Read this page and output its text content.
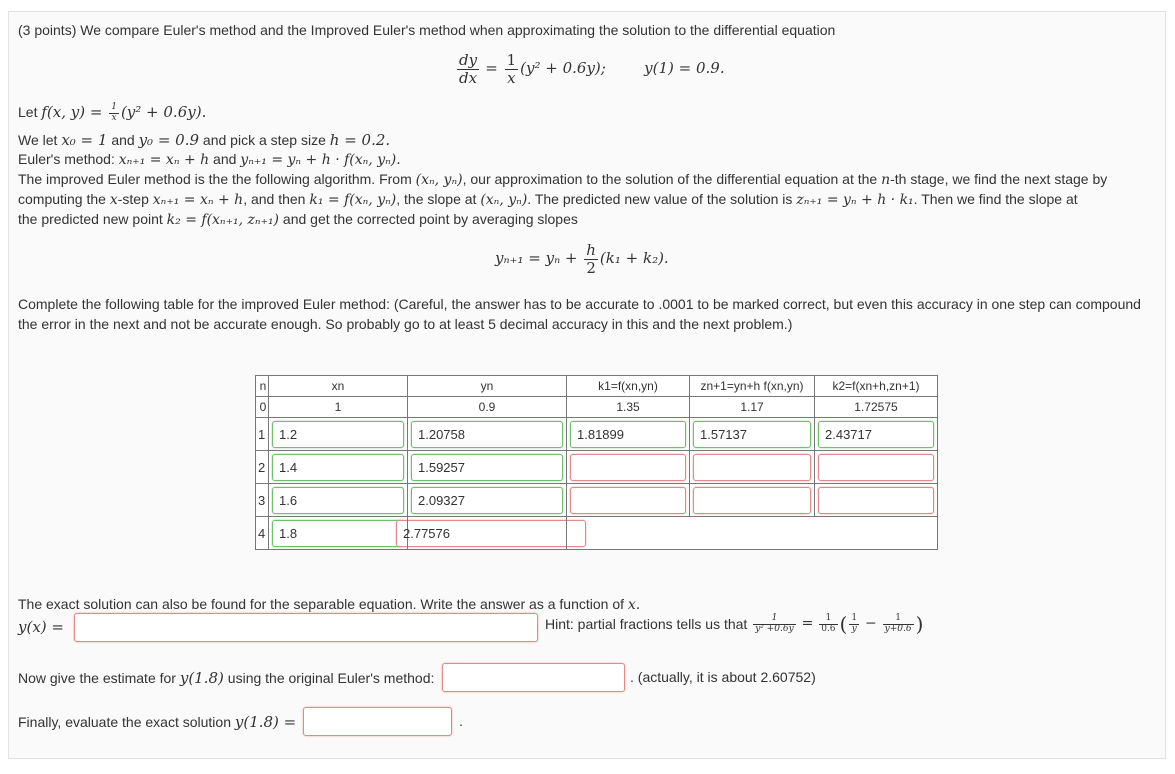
(3 points) We compare Euler's method and the Improved Euler's method when approximating the solution to the differential equation
$\frac{dy}{dx} = \frac{1}{x} (y^2 + 0.6y)$;	y(1) = 0.9.
Let f(x, $y) = \frac{1}{x} (y^2 + 0.6y)$.
We let x₀ = 1 and y₀ = 0.9 and pick a step size h = 0.2.
Euler's method: xₙ₊₁ = xₙ + h and yₙ₊₁ = yₙ + h · f(xₙ, yₙ).
The improved Euler method is the the following algorithm. From (xₙ, yₙ), our approximation to the solution of the differential equation at the n-th stage, we find the next stage by
computing the x-step xₙ₊₁ = xₙ + h, and then k₁ = f(xₙ, yₙ), the slope at (xₙ, yₙ). The predicted new value of the solution is zₙ₊₁ = yₙ + h · k₁. Then we find the slope at
the predicted new point k₂ = f(xₙ₊₁, zₙ₊₁) and get the corrected point by averaging slopes
$y_{n+1} = y_n + \frac{h}{2} (k_1 + k_2)$.
Complete the following table for the improved Euler method: (Careful, the answer has to be accurate to .0001 to be marked correct, but even this accuracy in one step can compound
the error in the next and not be accurate enough. So probably go to at least 5 decimal accuracy in this and the next problem.)
n	xn	yn	k1=f(xn,yn)	zn+1=yn+h f(xn,yn)	k2=f(xn+h,zn+1)
0	1	0.9	1.35	1.17	1.72575
1	1.2	1.20758	1.81899	1.57137	2.43717

2	1.4	1.59257			

3	1.6	2.09327			

4	1.8	2.77576			

The exact solution can also be found for the separable equation. Write the answer as a function of x.
y(x) =	Hint: partial fractions tells us that $\frac{1}{\text{y² +0.6y}} = \frac{1}{0.6}$ ( $\frac{1}{y} - \frac{1}{y+0.6}$ )
Now give the estimate for y(1.8) using the original Euler's method:	. (actually, it is about 2.60752)
Finally, evaluate the exact solution y(1.8) =	.
